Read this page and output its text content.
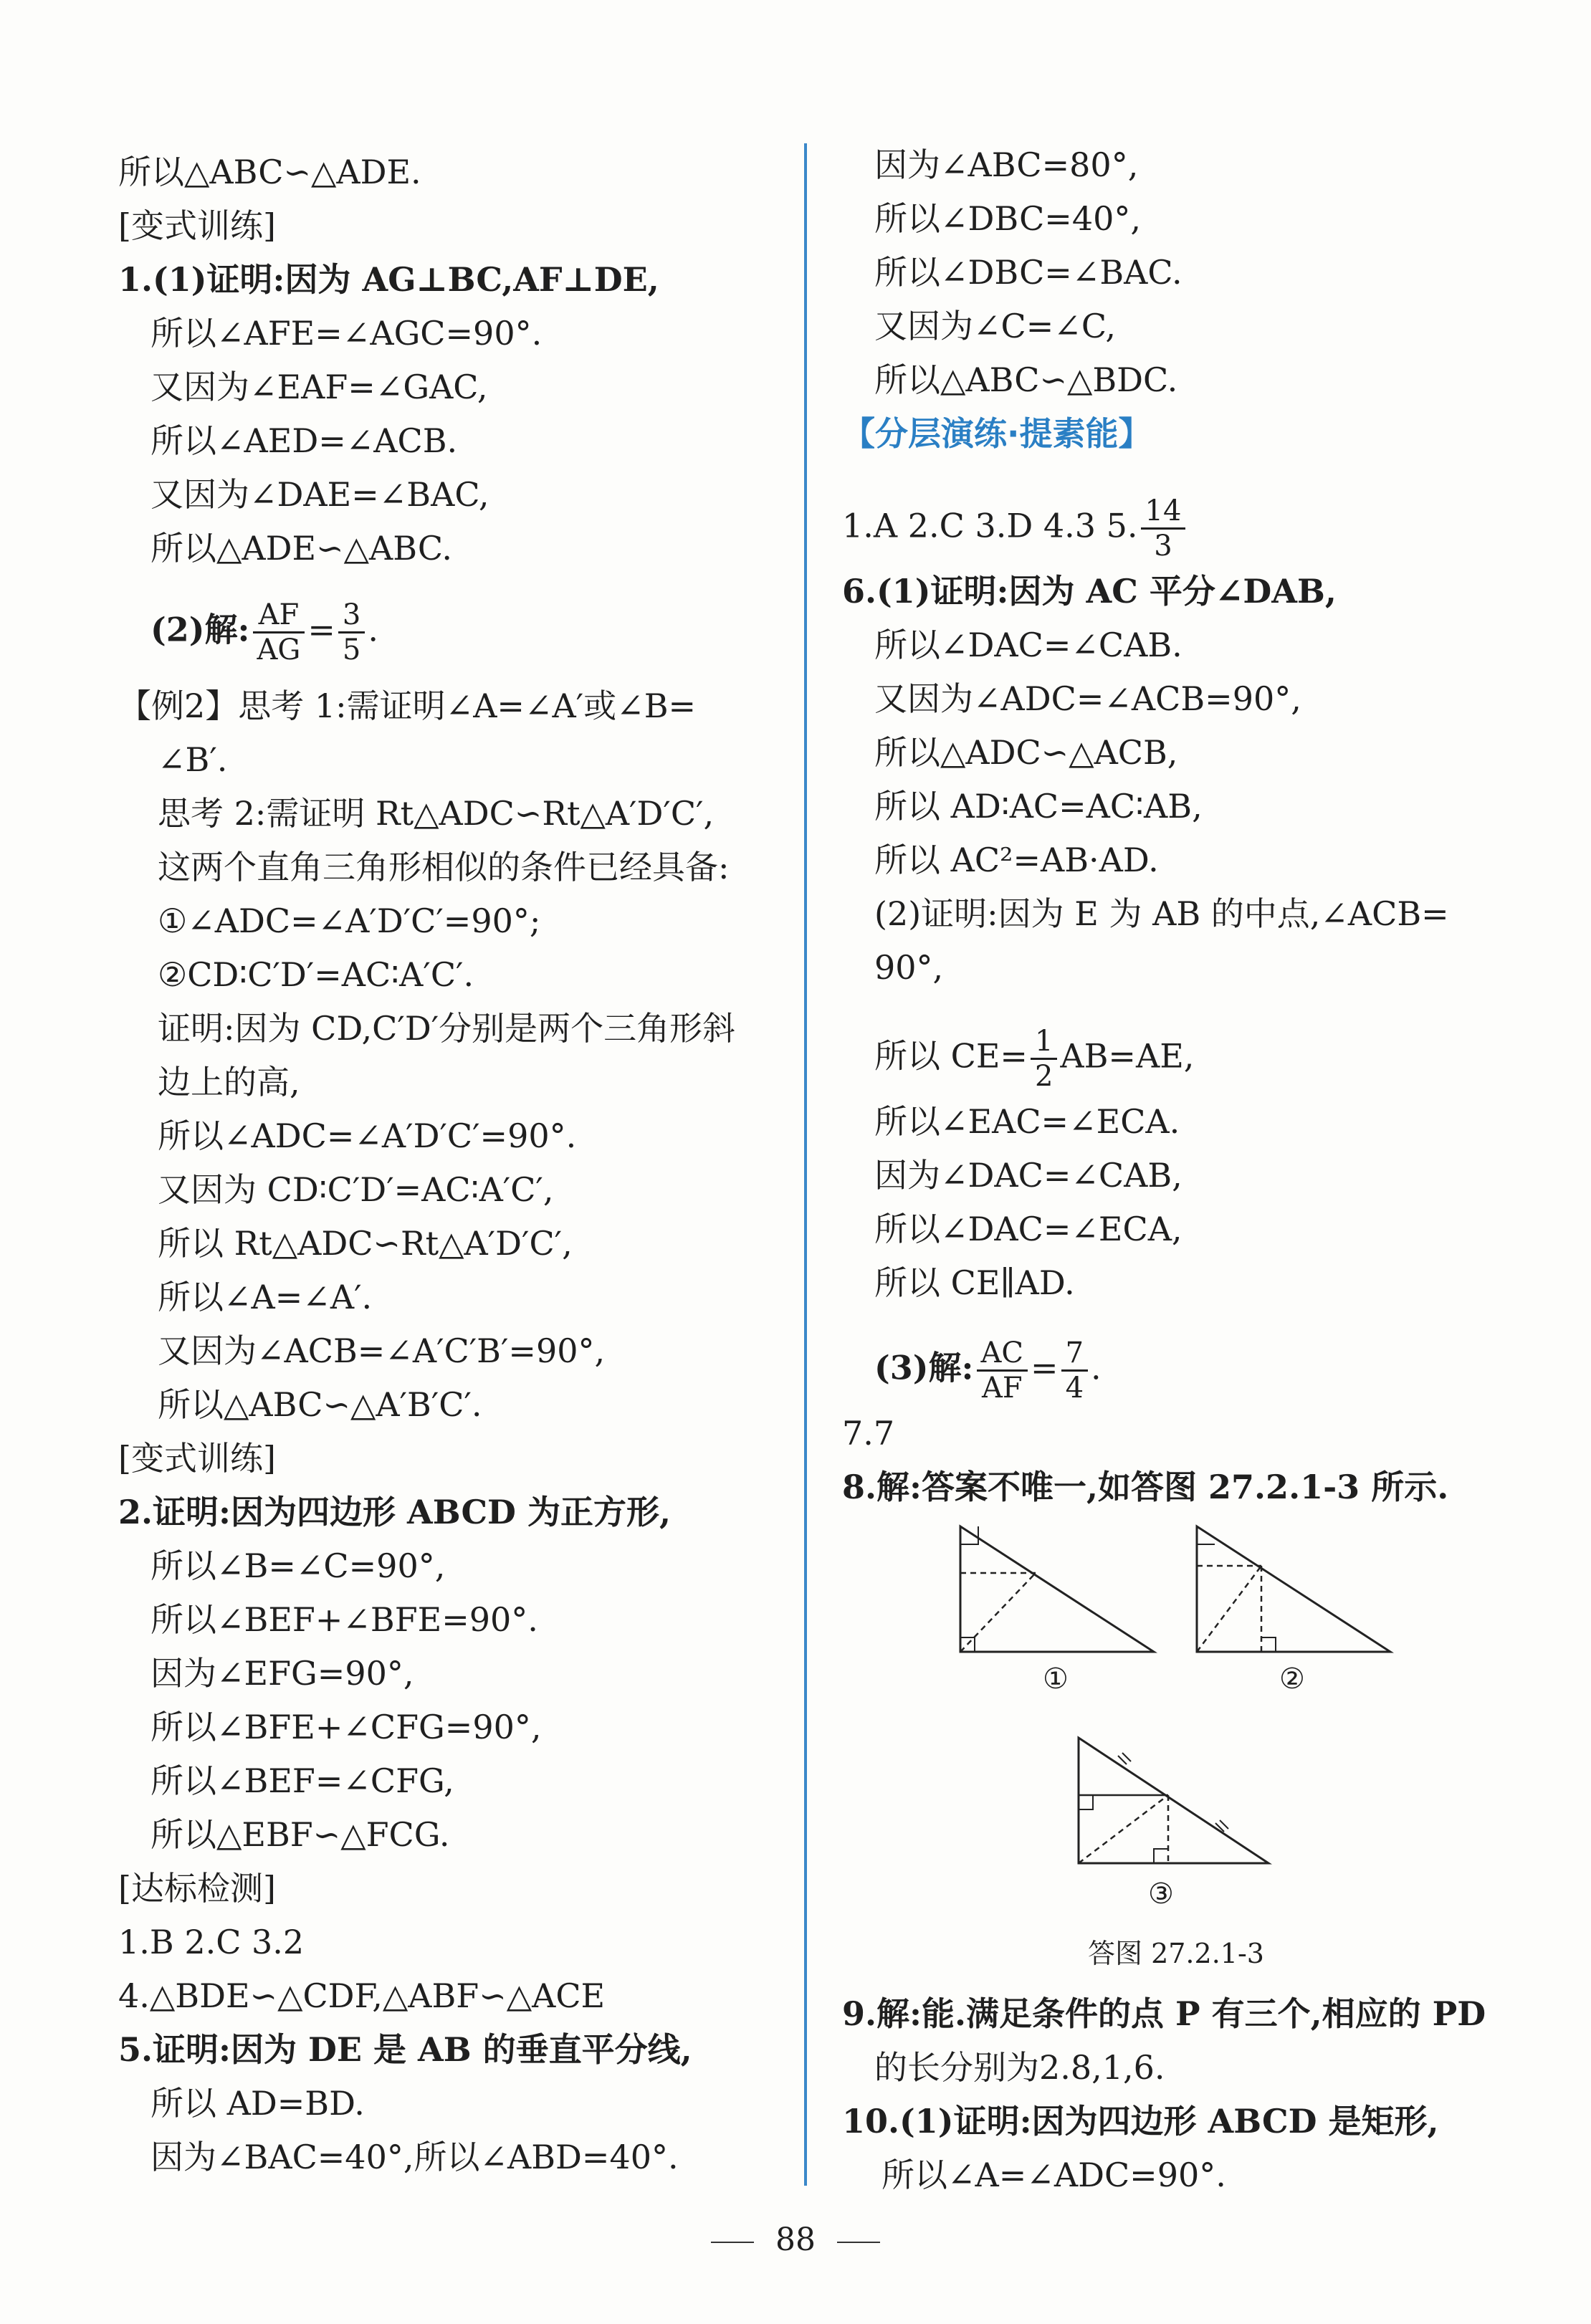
(2)解: $\frac{AF}{AG} = \frac{3}{5}$ .
1.A 2.C 3.D 4.3 5. $\frac{14}{3}$
所以 $CE= \frac{1}{2} AB=AE$,
(3)解: $\frac{AC}{AF} = \frac{7}{4}$ .
①	②
③
答图 27.2.1-3
88
所以△ABC∽△ADE.
[变式训练]
1.(1)证明:因为 AG⊥BC,AF⊥DE,
所以∠AFE=∠AGC=90°.
又因为∠EAF=∠GAC,
所以∠AED=∠ACB.
又因为∠DAE=∠BAC,
所以△ADE∽△ABC.
【例2】思考 1:需证明∠A=∠A′或∠B=
∠B′.
思考 2:需证明 Rt△ADC∽Rt△A′D′C′,
这两个直角三角形相似的条件已经具备:
①∠ADC=∠A′D′C′=90°;
②CD∶C′D′=AC∶A′C′.
证明:因为 CD,C′D′分别是两个三角形斜
边上的高,
所以∠ADC=∠A′D′C′=90°.
又因为 CD∶C′D′=AC∶A′C′,
所以 Rt△ADC∽Rt△A′D′C′,
所以∠A=∠A′.
又因为∠ACB=∠A′C′B′=90°,
所以△ABC∽△A′B′C′.
[变式训练]
2.证明:因为四边形 ABCD 为正方形,
所以∠B=∠C=90°,
所以∠BEF+∠BFE=90°.
因为∠EFG=90°,
所以∠BFE+∠CFG=90°,
所以∠BEF=∠CFG,
所以△EBF∽△FCG.
[达标检测]
1.B 2.C 3.2
4.△BDE∽△CDF,△ABF∽△ACE
5.证明:因为 DE 是 AB 的垂直平分线,
所以 AD=BD.
因为∠BAC=40°,所以∠ABD=40°.
因为∠ABC=80°,
所以∠DBC=40°,
所以∠DBC=∠BAC.
又因为∠C=∠C,
所以△ABC∽△BDC.
【分层演练·提素能】
6.(1)证明:因为 AC 平分∠DAB,
所以∠DAC=∠CAB.
又因为∠ADC=∠ACB=90°,
所以△ADC∽△ACB,
所以 AD∶AC=AC∶AB,
所以 AC²=AB·AD.
(2)证明:因为 E 为 AB 的中点,∠ACB=
90°,
所以∠EAC=∠ECA.
因为∠DAC=∠CAB,
所以∠DAC=∠ECA,
所以 CE∥AD.
7.7
8.解:答案不唯一,如答图 27.2.1-3 所示.
9.解:能.满足条件的点 P 有三个,相应的 PD
的长分别为2.8,1,6.
10.(1)证明:因为四边形 ABCD 是矩形,
所以∠A=∠ADC=90°.
